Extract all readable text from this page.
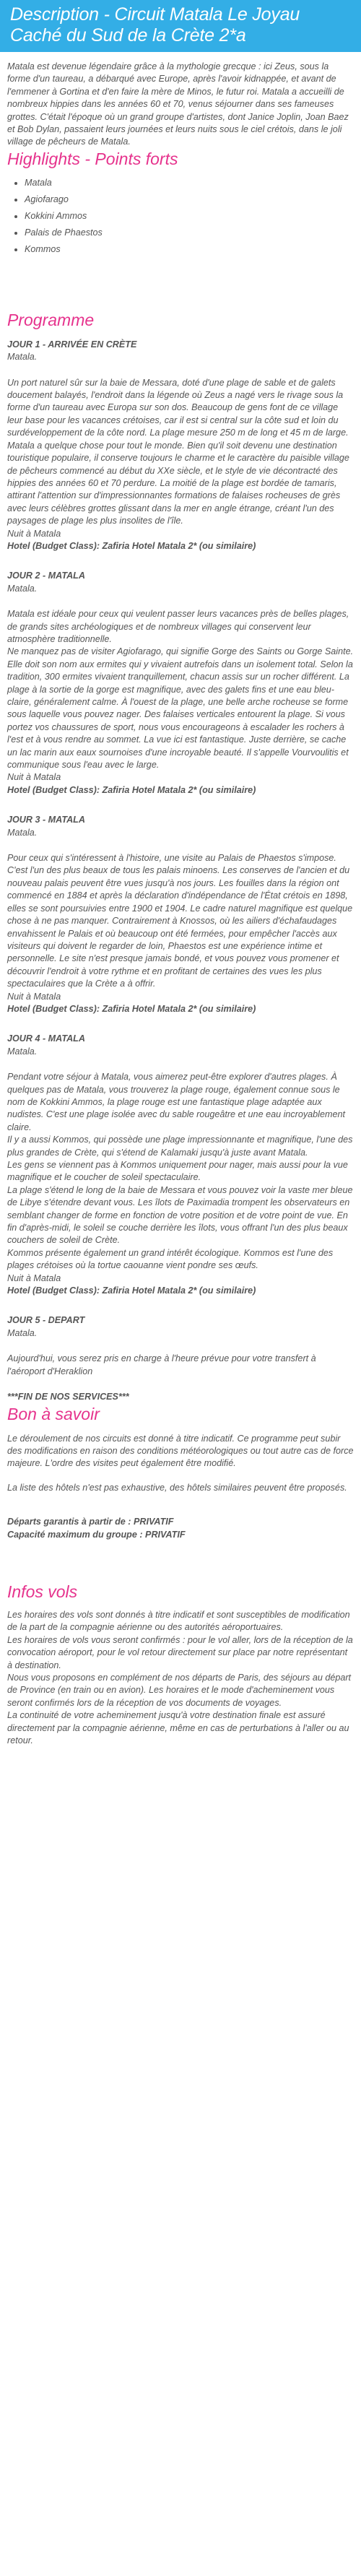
Description - Circuit Matala Le Joyau Caché du Sud de la Crète 2*a

Matala est devenue légendaire grâce à la mythologie grecque : ici Zeus, sous la forme d'un taureau, a débarqué avec Europe, après l'avoir kidnappée, et avant de l'emmener à Gortina et d'en faire la mère de Minos, le futur roi. Matala a accueilli de nombreux hippies dans les années 60 et 70, venus séjourner dans ses fameuses grottes. C'était l'époque où un grand groupe d'artistes, dont Janice Joplin, Joan Baez et Bob Dylan, passaient leurs journées et leurs nuits sous le ciel crétois, dans le joli village de pêcheurs de Matala.

Highlights - Points forts
• Matala
• Agiofarago
• Kokkini Ammos
• Palais de Phaestos
• Kommos
Programme

JOUR 1 - ARRIVÉE EN CRÈTE

Matala.

Un port naturel sûr sur la baie de Messara, doté d'une plage de sable et de galets doucement balayés, l'endroit dans la légende où Zeus a nagé vers le rivage sous la forme d'un taureau avec Europa sur son dos. Beaucoup de gens font de ce village leur base pour les vacances crétoises, car il est si central sur la côte sud et loin du surdéveloppement de la côte nord. La plage mesure 250 m de long et 45 m de large.
Matala a quelque chose pour tout le monde. Bien qu'il soit devenu une destination touristique populaire, il conserve toujours le charme et le caractère du paisible village de pêcheurs commencé au début du XXe siècle, et le style de vie décontracté des hippies des années 60 et 70 perdure. La moitié de la plage est bordée de tamaris, attirant l'attention sur d'impressionnantes formations de falaises rocheuses de grès avec leurs célèbres grottes glissant dans la mer en angle étrange, créant l'un des paysages de plage les plus insolites de l'île.

Nuit à Matala

Hotel (Budget Class): Zafiria Hotel Matala 2* (ou similaire)

JOUR 2 - MATALA

Matala.

Matala est idéale pour ceux qui veulent passer leurs vacances près de belles plages, de grands sites archéologiques et de nombreux villages qui conservent leur atmosphère traditionnelle.
Ne manquez pas de visiter Agiofarago, qui signifie Gorge des Saints ou Gorge Sainte. Elle doit son nom aux ermites qui y vivaient autrefois dans un isolement total. Selon la tradition, 300 ermites vivaient tranquillement, chacun assis sur un rocher différent. La plage à la sortie de la gorge est magnifique, avec des galets fins et une eau bleu-claire, généralement calme. À l'ouest de la plage, une belle arche rocheuse se forme sous laquelle vous pouvez nager. Des falaises verticales entourent la plage. Si vous portez vos chaussures de sport, nous vous encourageons à escalader les rochers à l'est et à vous rendre au sommet. La vue ici est fantastique. Juste derrière, se cache un lac marin aux eaux sournoises d'une incroyable beauté. Il s'appelle Vourvoulitis et communique sous l'eau avec le large.

Nuit à Matala

Hotel (Budget Class): Zafiria Hotel Matala 2* (ou similaire)

JOUR 3 - MATALA

Matala.

Pour ceux qui s'intéressent à l'histoire, une visite au Palais de Phaestos s'impose. C'est l'un des plus beaux de tous les palais minoens. Les conserves de l'ancien et du nouveau palais peuvent être vues jusqu'à nos jours. Les fouilles dans la région ont commencé en 1884 et après la déclaration d'indépendance de l'État crétois en 1898, elles se sont poursuivies entre 1900 et 1904. Le cadre naturel magnifique est quelque chose à ne pas manquer. Contrairement à Knossos, où les ailiers d'échafaudages envahissent le Palais et où beaucoup ont été fermées, pour empêcher l'accès aux visiteurs qui doivent le regarder de loin, Phaestos est une expérience intime et personnelle. Le site n'est presque jamais bondé, et vous pouvez vous promener et découvrir l'endroit à votre rythme et en profitant de certaines des vues les plus spectaculaires que la Crète a à offrir.

Nuit à Matala

Hotel (Budget Class): Zafiria Hotel Matala 2* (ou similaire)

JOUR 4 - MATALA

Matala.

Pendant votre séjour à Matala, vous aimerez peut-être explorer d'autres plages. À quelques pas de Matala, vous trouverez la plage rouge, également connue sous le nom de Kokkini Ammos, la plage rouge est une fantastique plage adaptée aux nudistes. C'est une plage isolée avec du sable rougeâtre et une eau incroyablement claire.
Il y a aussi Kommos, qui possède une plage impressionnante et magnifique, l'une des plus grandes de Crète, qui s'étend de Kalamaki jusqu'à juste avant Matala.
Les gens se viennent pas à Kommos uniquement pour nager, mais aussi pour la vue magnifique et le coucher de soleil spectaculaire.
La plage s'étend le long de la baie de Messara et vous pouvez voir la vaste mer bleue de Libye s'étendre devant vous. Les îlots de Paximadia trompent les observateurs en semblant changer de forme en fonction de votre position et de votre point de vue. En fin d'après-midi, le soleil se couche derrière les îlots, vous offrant l'un des plus beaux couchers de soleil de Crète.
Kommos présente également un grand intérêt écologique. Kommos est l'une des plages crétoises où la tortue caouanne vient pondre ses œufs.

Nuit à Matala

Hotel (Budget Class): Zafiria Hotel Matala 2* (ou similaire)

JOUR 5 - DEPART

Matala.

Aujourd'hui, vous serez pris en charge à l'heure prévue pour votre transfert à l'aéroport d'Heraklion

***FIN DE NOS SERVICES***

Bon à savoir

Le déroulement de nos circuits est donné à titre indicatif. Ce programme peut subir des modifications en raison des conditions météorologiques ou tout autre cas de force majeure. L'ordre des visites peut également être modifié.

La liste des hôtels n'est pas exhaustive, des hôtels similaires peuvent être proposés.

Départs garantis à partir de : PRIVATIF

Capacité maximum du groupe : PRIVATIF

Infos vols

Les horaires des vols sont donnés à titre indicatif et sont susceptibles de modification de la part de la compagnie aérienne ou des autorités aéroportuaires.
Les horaires de vols vous seront confirmés : pour le vol aller, lors de la réception de la convocation aéroport, pour le vol retour directement sur place par notre représentant à destination.
Nous vous proposons en complément de nos départs de Paris, des séjours au départ de Province (en train ou en avion). Les horaires et le mode d'acheminement vous seront confirmés lors de la réception de vos documents de voyages.
La continuité de votre acheminement jusqu'à votre destination finale est assuré directement par la compagnie aérienne, même en cas de perturbations à l'aller ou au retour.
